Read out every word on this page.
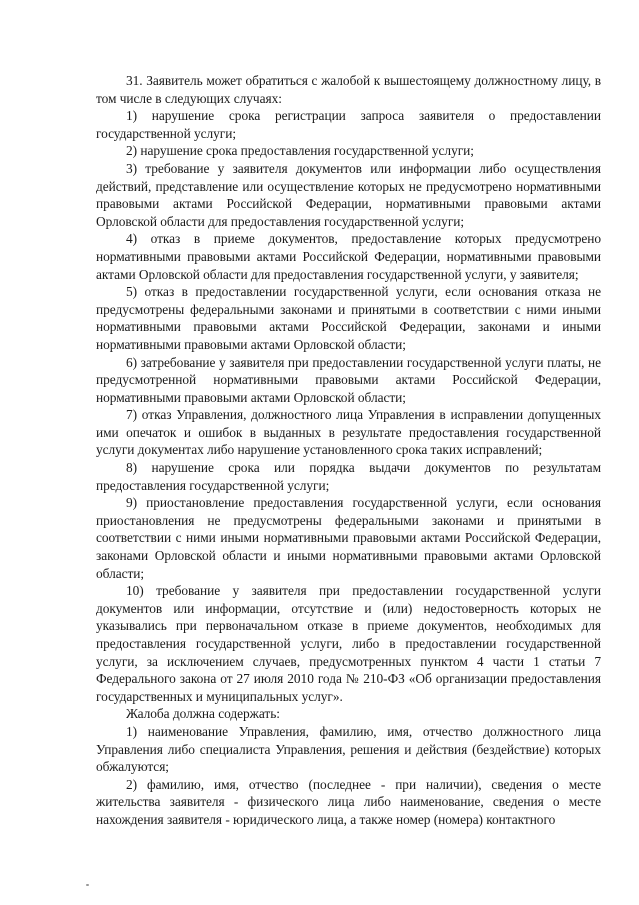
31. Заявитель может обратиться с жалобой к вышестоящему должностному лицу, в том числе в следующих случаях:

1) нарушение срока регистрации запроса заявителя о предоставлении государственной услуги;

2) нарушение срока предоставления государственной услуги;

3) требование у заявителя документов или информации либо осуществления действий, представление или осуществление которых не предусмотрено нормативными правовыми актами Российской Федерации, нормативными правовыми актами Орловской области для предоставления государственной услуги;

4) отказ в приеме документов, предоставление которых предусмотрено нормативными правовыми актами Российской Федерации, нормативными правовыми актами Орловской области для предоставления государственной услуги, у заявителя;

5) отказ в предоставлении государственной услуги, если основания отказа не предусмотрены федеральными законами и принятыми в соответствии с ними иными нормативными правовыми актами Российской Федерации, законами и иными нормативными правовыми актами Орловской области;

6) затребование у заявителя при предоставлении государственной услуги платы, не предусмотренной нормативными правовыми актами Российской Федерации, нормативными правовыми актами Орловской области;

7) отказ Управления, должностного лица Управления в исправлении допущенных ими опечаток и ошибок в выданных в результате предоставления государственной услуги документах либо нарушение установленного срока таких исправлений;

8) нарушение срока или порядка выдачи документов по результатам предоставления государственной услуги;

9) приостановление предоставления государственной услуги, если основания приостановления не предусмотрены федеральными законами и принятыми в соответствии с ними иными нормативными правовыми актами Российской Федерации, законами Орловской области и иными нормативными правовыми актами Орловской области;

10) требование у заявителя при предоставлении государственной услуги документов или информации, отсутствие и (или) недостоверность которых не указывались при первоначальном отказе в приеме документов, необходимых для предоставления государственной услуги, либо в предоставлении государственной услуги, за исключением случаев, предусмотренных пунктом 4 части 1 статьи 7 Федерального закона от 27 июля 2010 года № 210-ФЗ «Об организации предоставления государственных и муниципальных услуг».

Жалоба должна содержать:

1) наименование Управления, фамилию, имя, отчество должностного лица Управления либо специалиста Управления, решения и действия (бездействие) которых обжалуются;

2) фамилию, имя, отчество (последнее - при наличии), сведения о месте жительства заявителя - физического лица либо наименование, сведения о месте нахождения заявителя - юридического лица, а также номер (номера) контактного
